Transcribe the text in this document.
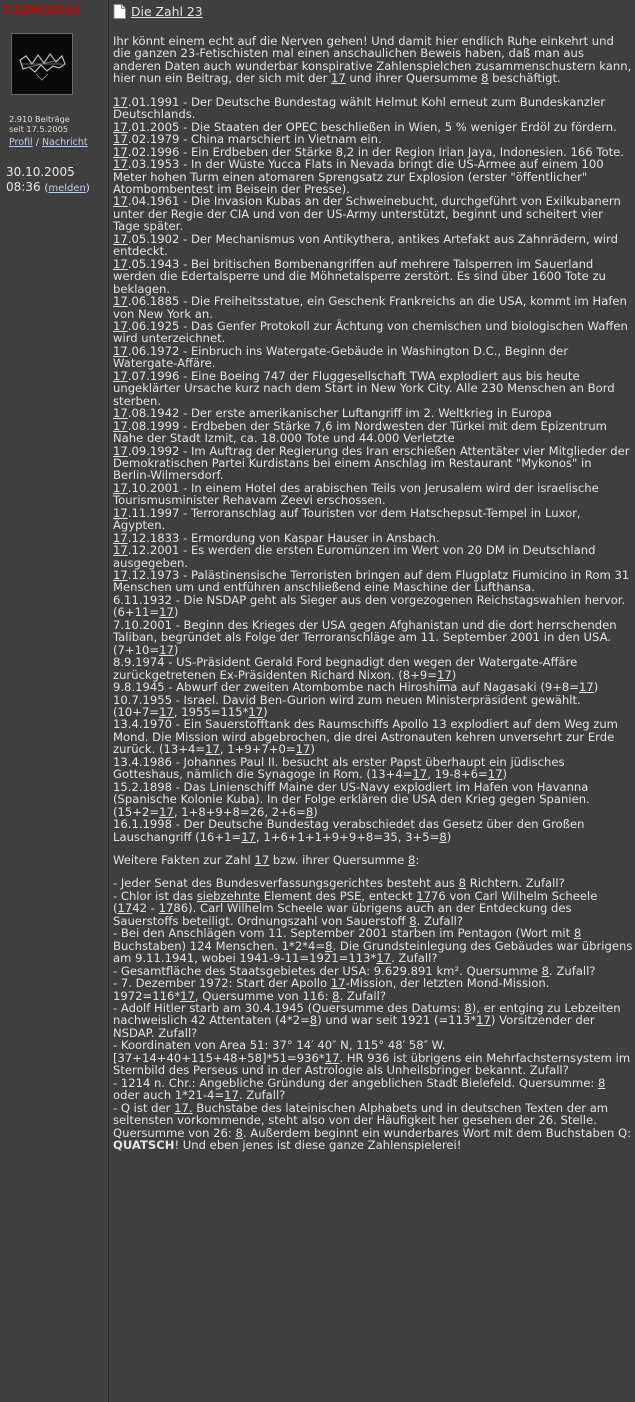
C12H22O11
2.910 Beiträge
seit 17.5.2005
Profil / Nachricht
30.10.2005
08:36 (melden)
Die Zahl 23

Ihr könnt einem echt auf die Nerven gehen! Und damit hier endlich Ruhe einkehrt und die ganzen 23-Fetischisten mal einen anschaulichen Beweis haben, daß man aus anderen Daten auch wunderbar konspirative Zahlenspielchen zusammenschustern kann, hier nun ein Beitrag, der sich mit der 17 und ihrer Quersumme 8 beschäftigt.

17.01.1991 - Der Deutsche Bundestag wählt Helmut Kohl erneut zum Bundeskanzler Deutschlands.
17.01.2005 - Die Staaten der OPEC beschließen in Wien, 5 % weniger Erdöl zu fördern.
17.02.1979 - China marschiert in Vietnam ein.
17.02.1996 - Ein Erdbeben der Stärke 8,2 in der Region Irian Jaya, Indonesien. 166 Tote.
17.03.1953 - In der Wüste Yucca Flats in Nevada bringt die US-Armee auf einem 100 Meter hohen Turm einen atomaren Sprengsatz zur Explosion (erster "öffentlicher" Atombombentest im Beisein der Presse).
17.04.1961 - Die Invasion Kubas an der Schweinebucht, durchgeführt von Exilkubanern unter der Regie der CIA und von der US-Army unterstützt, beginnt und scheitert vier Tage später.
17.05.1902 - Der Mechanismus von Antikythera, antikes Artefakt aus Zahnrädern, wird entdeckt.
17.05.1943 - Bei britischen Bombenangriffen auf mehrere Talsperren im Sauerland werden die Edertalsperre und die Möhnetalsperre zerstört. Es sind über 1600 Tote zu beklagen.
17.06.1885 - Die Freiheitsstatue, ein Geschenk Frankreichs an die USA, kommt im Hafen von New York an.
17.06.1925 - Das Genfer Protokoll zur Ächtung von chemischen und biologischen Waffen wird unterzeichnet.
17.06.1972 - Einbruch ins Watergate-Gebäude in Washington D.C., Beginn der Watergate-Affäre.
17.07.1996 - Eine Boeing 747 der Fluggesellschaft TWA explodiert aus bis heute ungeklärter Ursache kurz nach dem Start in New York City. Alle 230 Menschen an Bord sterben.
17.08.1942 - Der erste amerikanischer Luftangriff im 2. Weltkrieg in Europa
17.08.1999 - Erdbeben der Stärke 7,6 im Nordwesten der Türkei mit dem Epizentrum Nahe der Stadt Izmit, ca. 18.000 Tote und 44.000 Verletzte
17.09.1992 - Im Auftrag der Regierung des Iran erschießen Attentäter vier Mitglieder der Demokratischen Partei Kurdistans bei einem Anschlag im Restaurant "Mykonos" in Berlin-Wilmersdorf.
17.10.2001 - In einem Hotel des arabischen Teils von Jerusalem wird der israelische Tourismusminister Rehavam Zeevi erschossen.
17.11.1997 - Terroranschlag auf Touristen vor dem Hatschepsut-Tempel in Luxor, Ägypten.
17.12.1833 - Ermordung von Kaspar Hauser in Ansbach.
17.12.2001 - Es werden die ersten Euromünzen im Wert von 20 DM in Deutschland ausgegeben.
17.12.1973 - Palästinensische Terroristen bringen auf dem Flugplatz Fiumicino in Rom 31 Menschen um und entführen anschließend eine Maschine der Lufthansa.
6.11.1932 - Die NSDAP geht als Sieger aus den vorgezogenen Reichstagswahlen hervor. (6+11=17)
7.10.2001 - Beginn des Krieges der USA gegen Afghanistan und die dort herrschenden Taliban, begründet als Folge der Terroranschläge am 11. September 2001 in den USA. (7+10=17)
8.9.1974 - US-Präsident Gerald Ford begnadigt den wegen der Watergate-Affäre zurückgetretenen Ex-Präsidenten Richard Nixon. (8+9=17)
9.8.1945 - Abwurf der zweiten Atombombe nach Hiroshima auf Nagasaki (9+8=17)
10.7.1955 - Israel. David Ben-Gurion wird zum neuen Ministerpräsident gewählt. (10+7=17, 1955=115*17)
13.4.1970 - Ein Sauerstofftank des Raumschiffs Apollo 13 explodiert auf dem Weg zum Mond. Die Mission wird abgebrochen, die drei Astronauten kehren unversehrt zur Erde zurück. (13+4=17, 1+9+7+0=17)
13.4.1986 - Johannes Paul II. besucht als erster Papst überhaupt ein jüdisches Gotteshaus, nämlich die Synagoge in Rom. (13+4=17, 19-8+6=17)
15.2.1898 - Das Linienschiff Maine der US-Navy explodiert im Hafen von Havanna (Spanische Kolonie Kuba). In der Folge erklären die USA den Krieg gegen Spanien. (15+2=17, 1+8+9+8=26, 2+6=8)
16.1.1998 - Der Deutsche Bundestag verabschiedet das Gesetz über den Großen Lauschangriff (16+1=17, 1+6+1+1+9+9+8=35, 3+5=8)

Weitere Fakten zur Zahl 17 bzw. ihrer Quersumme 8:

- Jeder Senat des Bundesverfassungsgerichtes besteht aus 8 Richtern. Zufall?
- Chlor ist das siebzehnte Element des PSE, enteckt 1776 von Carl Wilhelm Scheele (1742 - 1786). Carl Wilhelm Scheele war übrigens auch an der Entdeckung des Sauerstoffs beteiligt. Ordnungszahl von Sauerstoff 8. Zufall?
- Bei den Anschlägen vom 11. September 2001 starben im Pentagon (Wort mit 8 Buchstaben) 124 Menschen. 1*2*4=8. Die Grundsteinlegung des Gebäudes war übrigens am 9.11.1941, wobei 1941-9-11=1921=113*17. Zufall?
- Gesamtfläche des Staatsgebietes der USA: 9.629.891 km². Quersumme 8. Zufall?
- 7. Dezember 1972: Start der Apollo 17-Mission, der letzten Mond-Mission. 1972=116*17, Quersumme von 116: 8. Zufall?
- Adolf Hitler starb am 30.4.1945 (Quersumme des Datums: 8), er entging zu Lebzeiten nachweislich 42 Attentaten (4*2=8) und war seit 1921 (=113*17) Vorsitzender der NSDAP. Zufall?
- Koordinaten von Area 51: 37° 14′ 40″ N, 115° 48′ 58″ W. [37+14+40+115+48+58]*51=936*17. HR 936 ist übrigens ein Mehrfachsternsystem im Sternbild des Perseus und in der Astrologie als Unheilsbringer bekannt. Zufall?
- 1214 n. Chr.: Angebliche Gründung der angeblichen Stadt Bielefeld. Quersumme: 8 oder auch 1*21-4=17. Zufall?
- Q ist der 17. Buchstabe des lateinischen Alphabets und in deutschen Texten der am seltensten vorkommende, steht also von der Häufigkeit her gesehen der 26. Stelle. Quersumme von 26: 8. Außerdem beginnt ein wunderbares Wort mit dem Buchstaben Q: QUATSCH! Und eben jenes ist diese ganze Zahlenspielerei!
